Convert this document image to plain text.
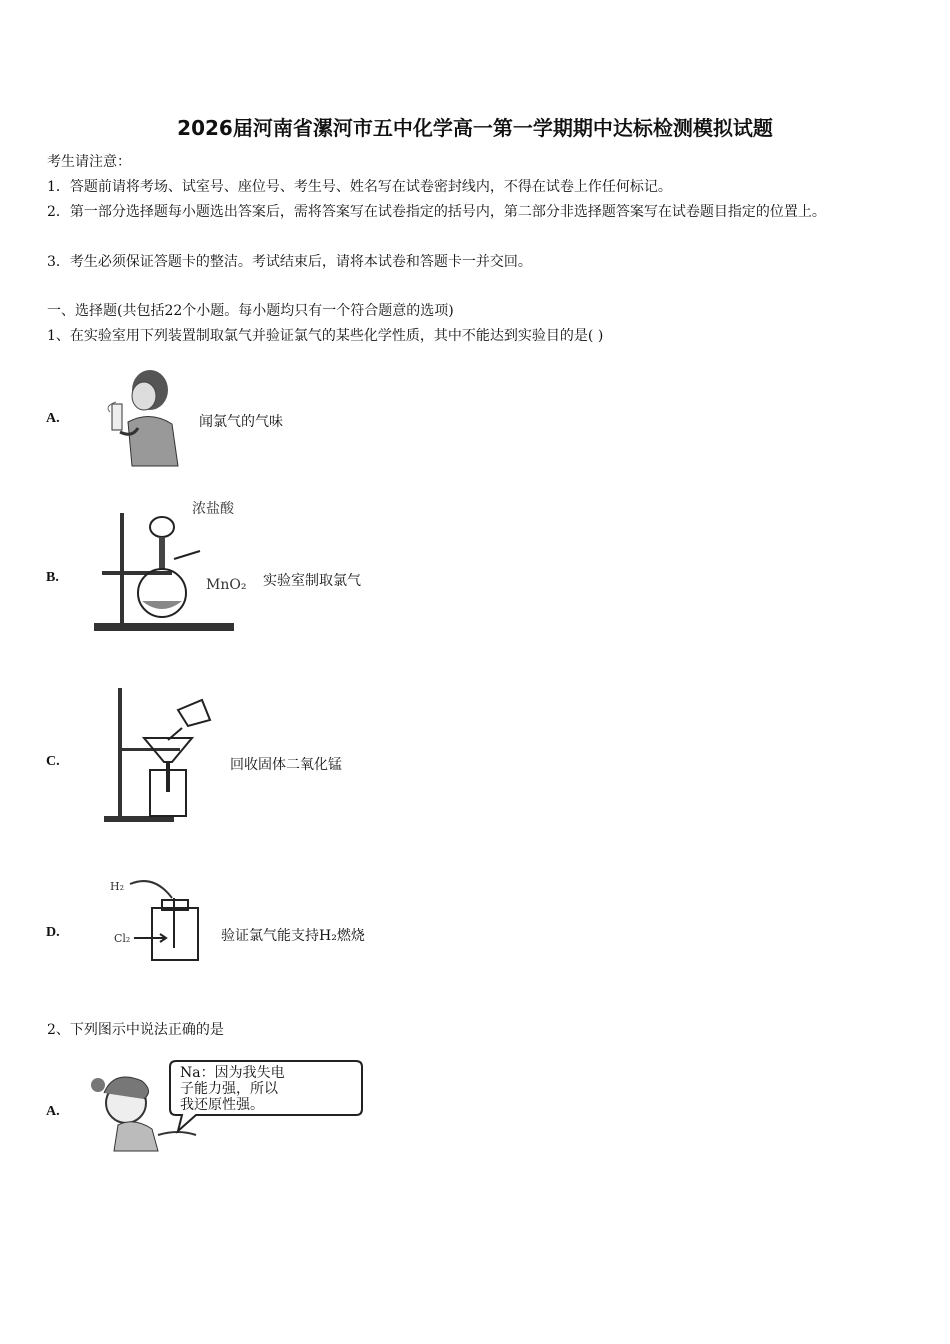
2026届河南省漯河市五中化学高一第一学期期中达标检测模拟试题
考生请注意：
1．答题前请将考场、试室号、座位号、考生号、姓名写在试卷密封线内，不得在试卷上作任何标记。
2．第一部分选择题每小题选出答案后，需将答案写在试卷指定的括号内，第二部分非选择题答案写在试卷题目指定的位置上。
3．考生必须保证答题卡的整洁。考试结束后，请将本试卷和答题卡一并交回。
一、选择题(共包括22个小题。每小题均只有一个符合题意的选项)
1、在实验室用下列装置制取氯气并验证氯气的某些化学性质，其中不能达到实验目的是( )
A.	闻氯气的气味
B.
浓盐酸
MnO₂ 实验室制取氯气
C.	回收固体二氧化锰
D.
H₂
Cl₂	验证氯气能支持H₂燃烧
2、下列图示中说法正确的是
A.
Na：因为我失电
子能力强，所以
我还原性强。
